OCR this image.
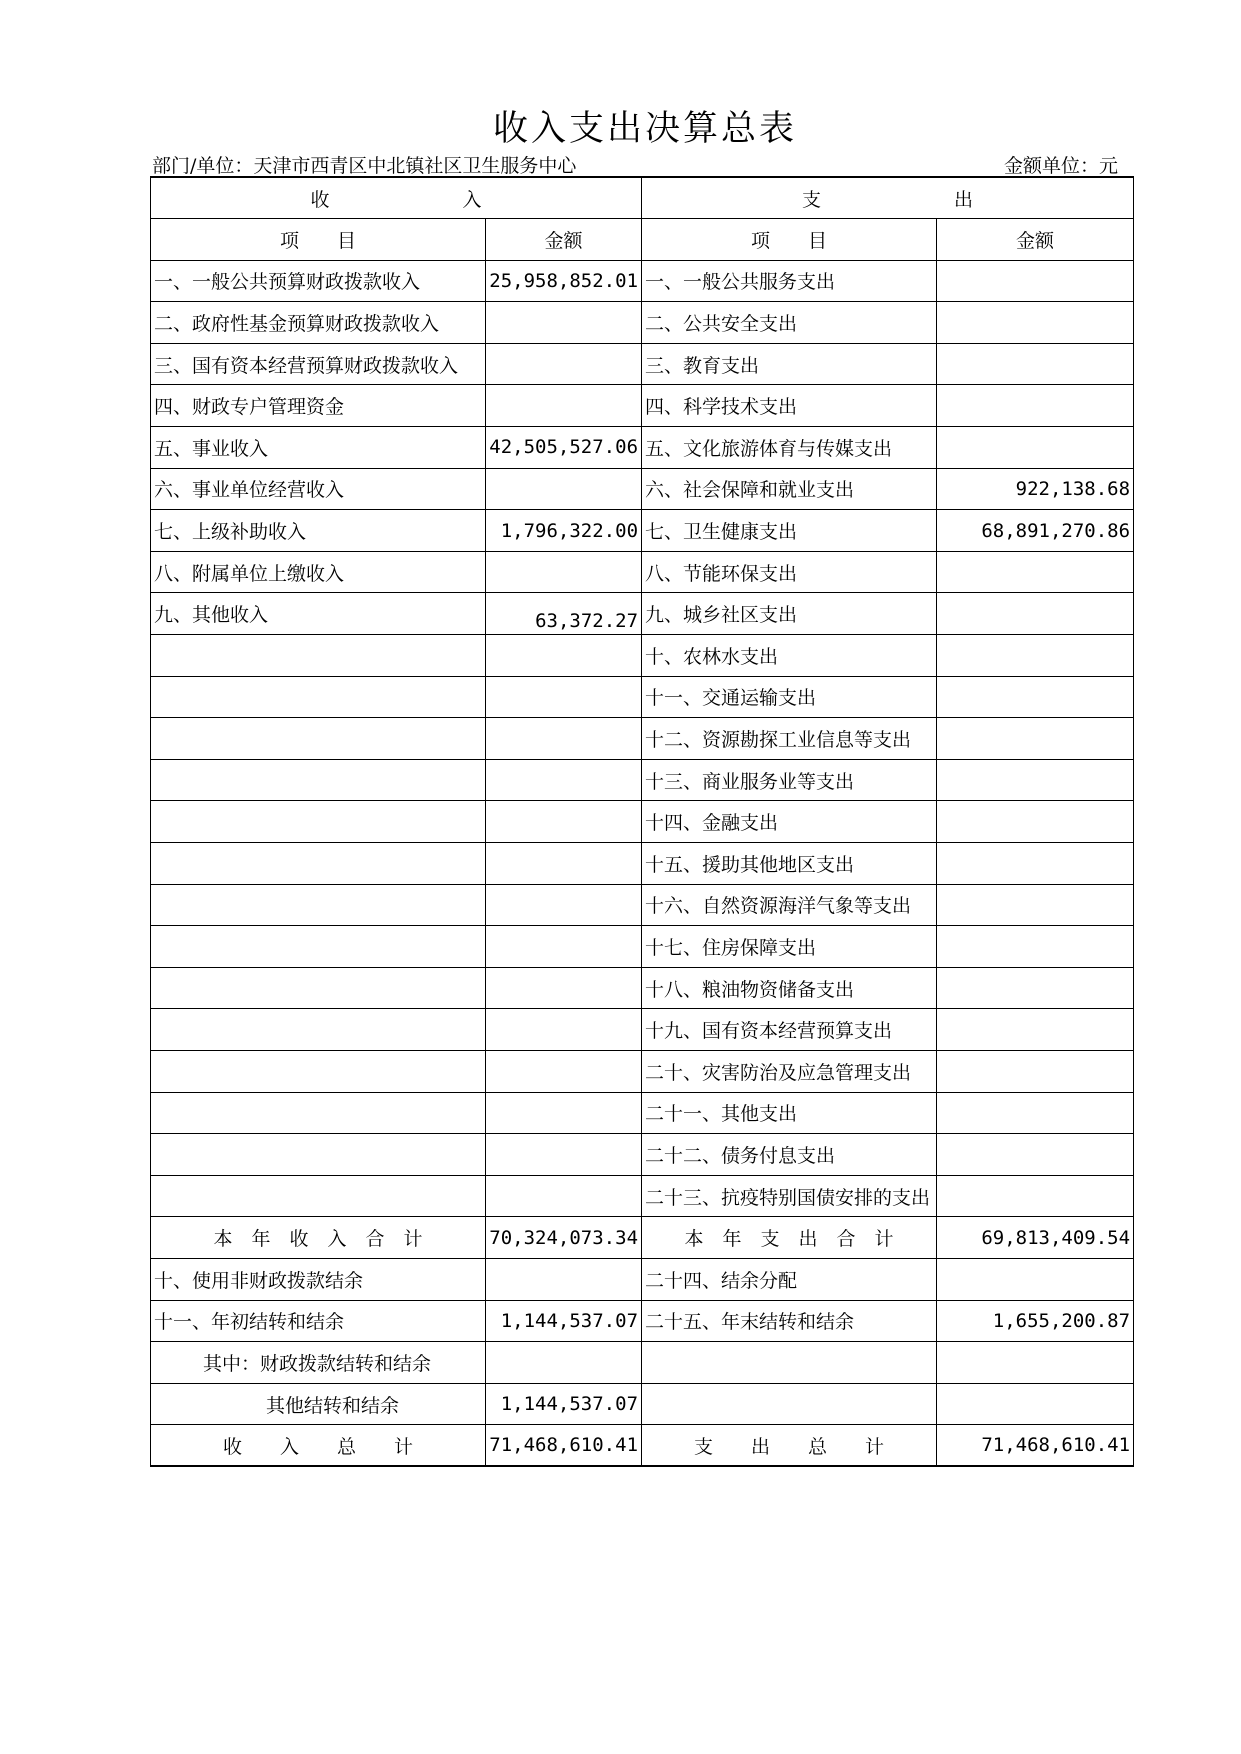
收入支出决算总表
部门/单位：天津市西青区中北镇社区卫生服务中心	金额单位：元
收　　　　　　　入		支　　　　　　　出	
项　　目	金额	项　　目	金额
一、一般公共预算财政拨款收入	25,958,852.01	一、一般公共服务支出	
二、政府性基金预算财政拨款收入		二、公共安全支出	
三、国有资本经营预算财政拨款收入		三、教育支出	
四、财政专户管理资金		四、科学技术支出	
五、事业收入	42,505,527.06	五、文化旅游体育与传媒支出	
六、事业单位经营收入		六、社会保障和就业支出	922,138.68
七、上级补助收入	1,796,322.00	七、卫生健康支出	68,891,270.86
八、附属单位上缴收入		八、节能环保支出	
九、其他收入	63,372.27	九、城乡社区支出	
		十、农林水支出	
		十一、交通运输支出	
		十二、资源勘探工业信息等支出	
		十三、商业服务业等支出	
		十四、金融支出	
		十五、援助其他地区支出	
		十六、自然资源海洋气象等支出	
		十七、住房保障支出	
		十八、粮油物资储备支出	
		十九、国有资本经营预算支出	
		二十、灾害防治及应急管理支出	
		二十一、其他支出	
		二十二、债务付息支出	
		二十三、抗疫特别国债安排的支出	
本　年　收　入　合　计	70,324,073.34	本　年　支　出　合　计	69,813,409.54
十、使用非财政拨款结余		二十四、结余分配	
十一、年初结转和结余	1,144,537.07	二十五、年末结转和结余	1,655,200.87
其中：财政拨款结转和结余			
其他结转和结余	1,144,537.07		
收　　入　　总　　计	71,468,610.41	支　　出　　总　　计	71,468,610.41
